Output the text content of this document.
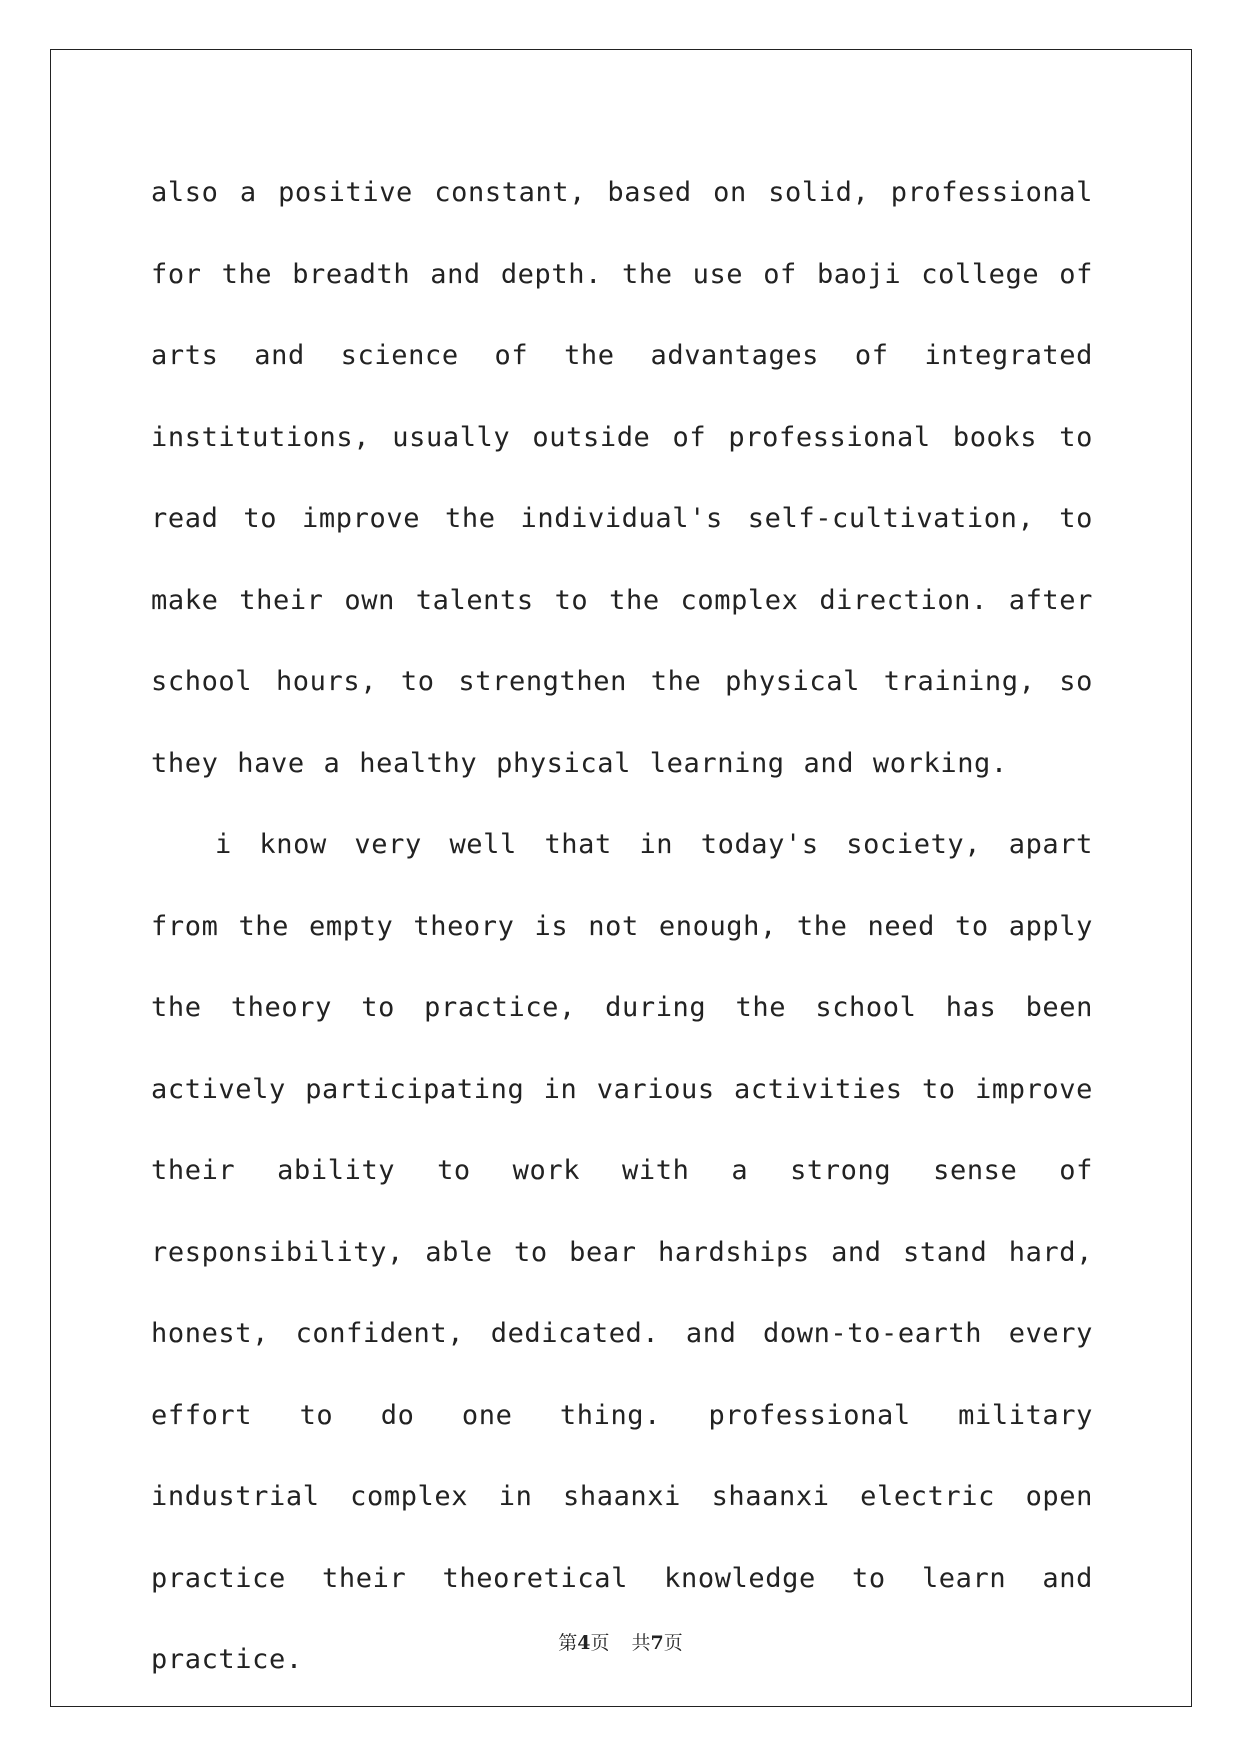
also a positive constant, based on solid, professional for the breadth and depth. the use of baoji college of arts and science of the advantages of integrated institutions, usually outside of professional books to read to improve the individual's self-cultivation, to make their own talents to the complex direction. after school hours, to strengthen the physical training, so they have a healthy physical learning and working.

i know very well that in today's society, apart from the empty theory is not enough, the need to apply the theory to practice, during the school has been actively participating in various activities to improve their ability to work with a strong sense of responsibility, able to bear hardships and stand hard, honest, confident, dedicated. and down-to-earth every effort to do one thing. professional military industrial complex in shaanxi shaanxi electric open practice their theoretical knowledge to learn and practice.

第4页 共7页
